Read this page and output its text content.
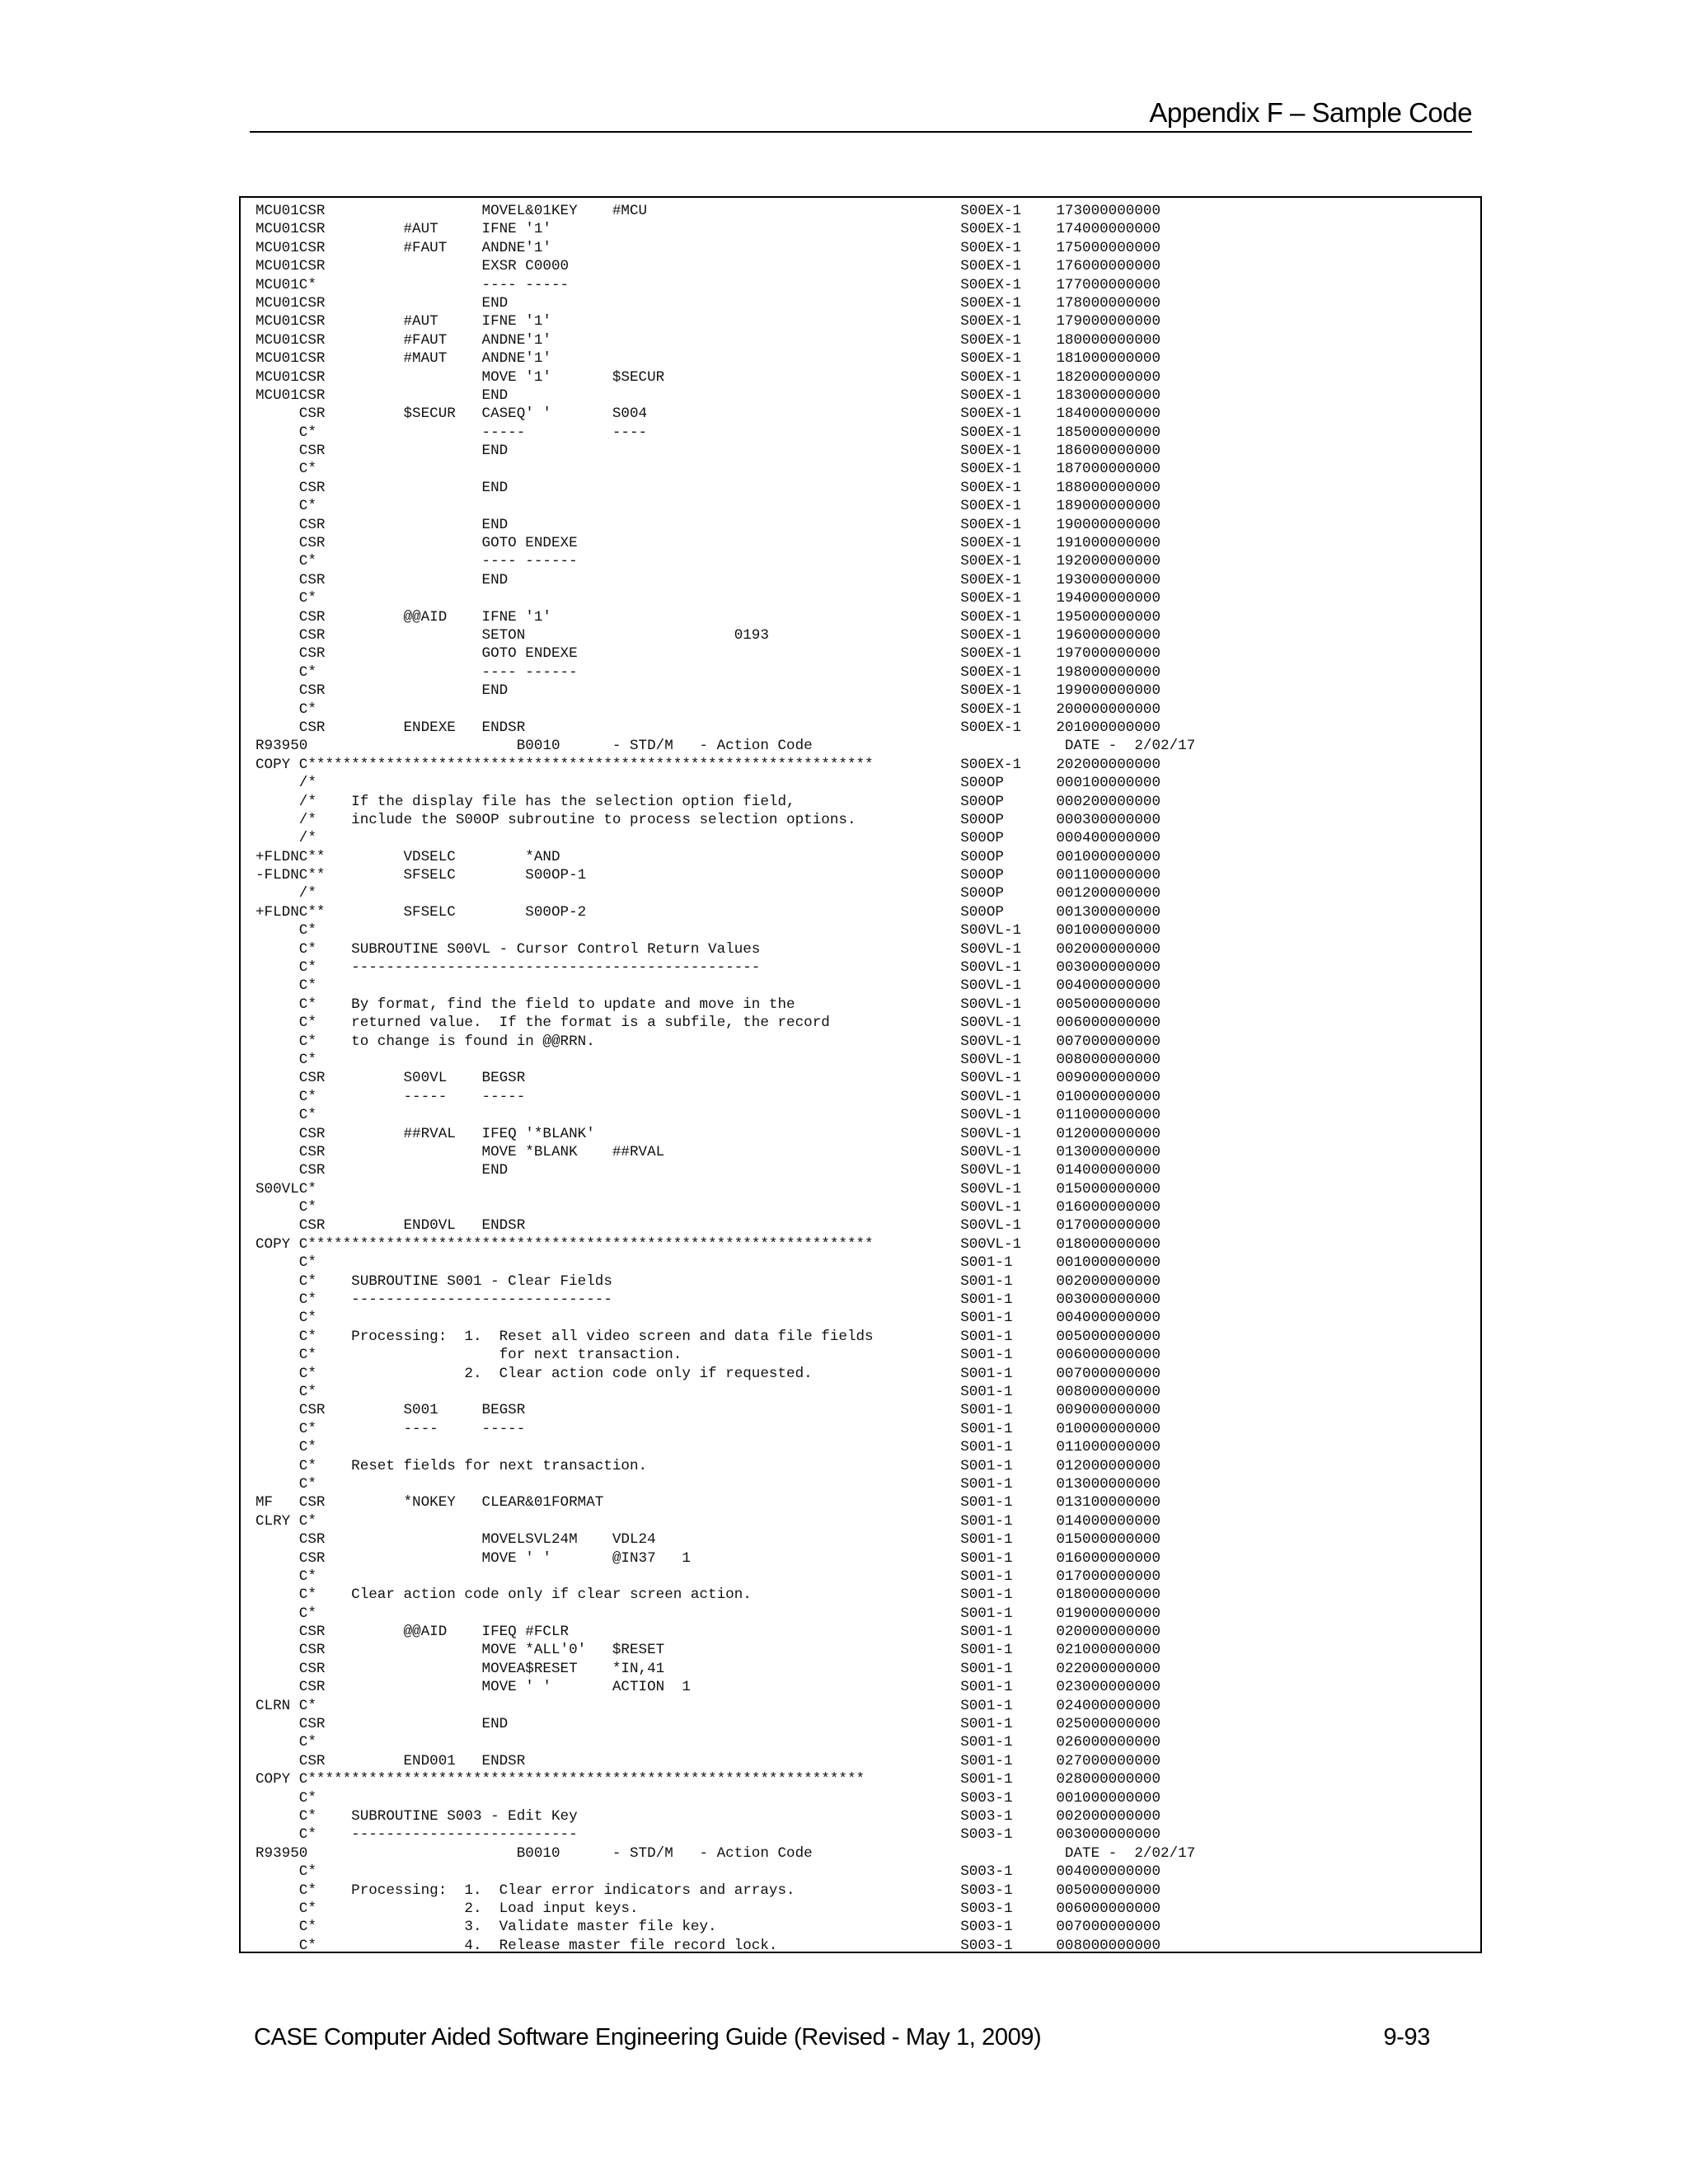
Appendix F – Sample Code
MCU01CSR                  MOVEL&01KEY    #MCU                                    S00EX-1    173000000000
MCU01CSR         #AUT     IFNE '1'                                               S00EX-1    174000000000
MCU01CSR         #FAUT    ANDNE'1'                                               S00EX-1    175000000000
MCU01CSR                  EXSR C0000                                             S00EX-1    176000000000
MCU01C*                   ---- -----                                             S00EX-1    177000000000
MCU01CSR                  END                                                    S00EX-1    178000000000
MCU01CSR         #AUT     IFNE '1'                                               S00EX-1    179000000000
MCU01CSR         #FAUT    ANDNE'1'                                               S00EX-1    180000000000
MCU01CSR         #MAUT    ANDNE'1'                                               S00EX-1    181000000000
MCU01CSR                  MOVE '1'       $SECUR                                  S00EX-1    182000000000
MCU01CSR                  END                                                    S00EX-1    183000000000
CSR         $SECUR   CASEQ' '       S004                                    S00EX-1    184000000000
C*                   -----          ----                                    S00EX-1    185000000000
CSR                  END                                                    S00EX-1    186000000000
C*                                                                          S00EX-1    187000000000
CSR                  END                                                    S00EX-1    188000000000
C*                                                                          S00EX-1    189000000000
CSR                  END                                                    S00EX-1    190000000000
CSR                  GOTO ENDEXE                                            S00EX-1    191000000000
C*                   ---- ------                                            S00EX-1    192000000000
CSR                  END                                                    S00EX-1    193000000000
C*                                                                          S00EX-1    194000000000
CSR         @@AID    IFNE '1'                                               S00EX-1    195000000000
CSR                  SETON                        0193                      S00EX-1    196000000000
CSR                  GOTO ENDEXE                                            S00EX-1    197000000000
C*                   ---- ------                                            S00EX-1    198000000000
CSR                  END                                                    S00EX-1    199000000000
C*                                                                          S00EX-1    200000000000
CSR         ENDEXE   ENDSR                                                  S00EX-1    201000000000
R93950                        B0010      - STD/M   - Action Code                             DATE -  2/02/17
COPY C*****************************************************************          S00EX-1    202000000000
/*                                                                          S00OP      000100000000
/*    If the display file has the selection option field,                   S00OP      000200000000
/*    include the S00OP subroutine to process selection options.            S00OP      000300000000
/*                                                                          S00OP      000400000000
+FLDNC**         VDSELC        *AND                                              S00OP      001000000000
-FLDNC**         SFSELC        S00OP-1                                           S00OP      001100000000
/*                                                                          S00OP      001200000000
+FLDNC**         SFSELC        S00OP-2                                           S00OP      001300000000
C*                                                                          S00VL-1    001000000000
C*    SUBROUTINE S00VL - Cursor Control Return Values                       S00VL-1    002000000000
C*    -----------------------------------------------                       S00VL-1    003000000000
C*                                                                          S00VL-1    004000000000
C*    By format, find the field to update and move in the                   S00VL-1    005000000000
C*    returned value.  If the format is a subfile, the record               S00VL-1    006000000000
C*    to change is found in @@RRN.                                          S00VL-1    007000000000
C*                                                                          S00VL-1    008000000000
CSR         S00VL    BEGSR                                                  S00VL-1    009000000000
C*          -----    -----                                                  S00VL-1    010000000000
C*                                                                          S00VL-1    011000000000
CSR         ##RVAL   IFEQ '*BLANK'                                          S00VL-1    012000000000
CSR                  MOVE *BLANK    ##RVAL                                  S00VL-1    013000000000
CSR                  END                                                    S00VL-1    014000000000
S00VLC*                                                                          S00VL-1    015000000000
C*                                                                          S00VL-1    016000000000
CSR         END0VL   ENDSR                                                  S00VL-1    017000000000
COPY C*****************************************************************          S00VL-1    018000000000
C*                                                                          S001-1     001000000000
C*    SUBROUTINE S001 - Clear Fields                                        S001-1     002000000000
C*    ------------------------------                                        S001-1     003000000000
C*                                                                          S001-1     004000000000
C*    Processing:  1.  Reset all video screen and data file fields          S001-1     005000000000
C*                     for next transaction.                                S001-1     006000000000
C*                 2.  Clear action code only if requested.                 S001-1     007000000000
C*                                                                          S001-1     008000000000
CSR         S001     BEGSR                                                  S001-1     009000000000
C*          ----     -----                                                  S001-1     010000000000
C*                                                                          S001-1     011000000000
C*    Reset fields for next transaction.                                    S001-1     012000000000
C*                                                                          S001-1     013000000000
MF   CSR         *NOKEY   CLEAR&01FORMAT                                         S001-1     013100000000
CLRY C*                                                                          S001-1     014000000000
CSR                  MOVELSVL24M    VDL24                                   S001-1     015000000000
CSR                  MOVE ' '       @IN37   1                               S001-1     016000000000
C*                                                                          S001-1     017000000000
C*    Clear action code only if clear screen action.                        S001-1     018000000000
C*                                                                          S001-1     019000000000
CSR         @@AID    IFEQ #FCLR                                             S001-1     020000000000
CSR                  MOVE *ALL'0'   $RESET                                  S001-1     021000000000
CSR                  MOVEA$RESET    *IN,41                                  S001-1     022000000000
CSR                  MOVE ' '       ACTION  1                               S001-1     023000000000
CLRN C*                                                                          S001-1     024000000000
CSR                  END                                                    S001-1     025000000000
C*                                                                          S001-1     026000000000
CSR         END001   ENDSR                                                  S001-1     027000000000
COPY C****************************************************************           S001-1     028000000000
C*                                                                          S003-1     001000000000
C*    SUBROUTINE S003 - Edit Key                                            S003-1     002000000000
C*    --------------------------                                            S003-1     003000000000
R93950                        B0010      - STD/M   - Action Code                             DATE -  2/02/17
C*                                                                          S003-1     004000000000
C*    Processing:  1.  Clear error indicators and arrays.                   S003-1     005000000000
C*                 2.  Load input keys.                                     S003-1     006000000000
C*                 3.  Validate master file key.                            S003-1     007000000000
C*                 4.  Release master file record lock.                     S003-1     008000000000
CASE Computer Aided Software Engineering Guide (Revised - May 1, 2009)	9-93
